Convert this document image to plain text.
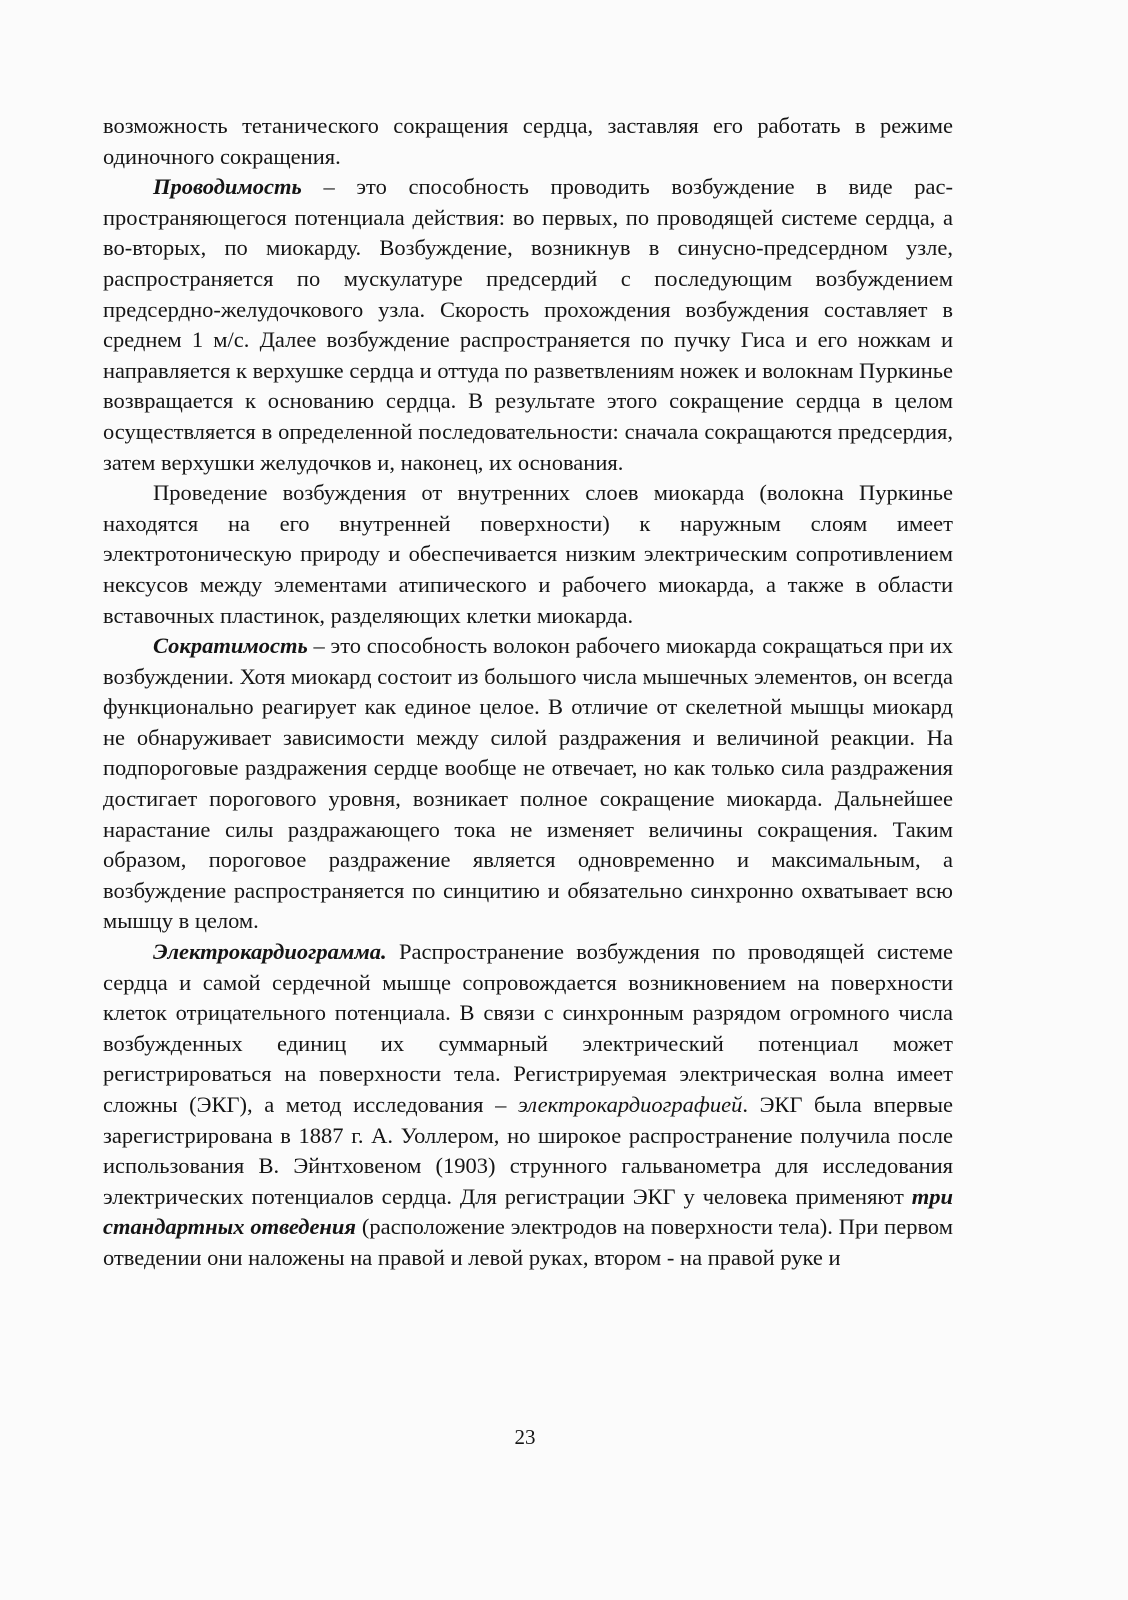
возможность тетанического сокращения сердца, заставляя его работать в режиме одиночного сокращения.

Проводимость – это способность проводить возбуждение в виде распространяющегося потенциала действия: во первых, по проводящей системе сердца, а во-вторых, по миокарду. Возбуждение, возникнув в синусно-предсердном узле, распространяется по мускулатуре предсердий с последующим возбуждением предсердно-желудочкового узла. Скорость прохождения возбуждения составляет в среднем 1 м/с. Далее возбуждение распространяется по пучку Гиса и его ножкам и направляется к верхушке сердца и оттуда по разветвлениям ножек и волокнам Пуркинье возвращается к основанию сердца. В результате этого сокращение сердца в целом осуществляется в определенной последовательности: сначала сокращаются предсердия, затем верхушки желудочков и, наконец, их основания.

Проведение возбуждения от внутренних слоев миокарда (волокна Пуркинье находятся на его внутренней поверхности) к наружным слоям имеет электротоническую природу и обеспечивается низким электрическим сопротивлением нексусов между элементами атипического и рабочего миокарда, а также в области вставочных пластинок, разделяющих клетки миокарда.

Сократимость – это способность волокон рабочего миокарда сокращаться при их возбуждении. Хотя миокард состоит из большого числа мышечных элементов, он всегда функционально реагирует как единое целое. В отличие от скелетной мышцы миокард не обнаруживает зависимости между силой раздражения и величиной реакции. На подпороговые раздражения сердце вообще не отвечает, но как только сила раздражения достигает порогового уровня, возникает полное сокращение миокарда. Дальнейшее нарастание силы раздражающего тока не изменяет величины сокращения. Таким образом, пороговое раздражение является одновременно и максимальным, а возбуждение распространяется по синцитию и обязательно синхронно охватывает всю мышцу в целом.

Электрокардиограмма. Распространение возбуждения по проводящей системе сердца и самой сердечной мышце сопровождается возникновением на поверхности клеток отрицательного потенциала. В связи с синхронным разрядом огромного числа возбужденных единиц их суммарный электрический потенциал может регистрироваться на поверхности тела. Регистрируемая электрическая волна имеет сложны (ЭКГ), а метод исследования – электрокардиографией. ЭКГ была впервые зарегистрирована в 1887 г. А. Уоллером, но широкое распространение получила после использования В. Эйнтховеном (1903) струнного гальванометра для исследования электрических потенциалов сердца. Для регистрации ЭКГ у человека применяют три стандартных отведения (расположение электродов на поверхности тела). При первом отведении они наложены на правой и левой руках, втором - на правой руке и

23
